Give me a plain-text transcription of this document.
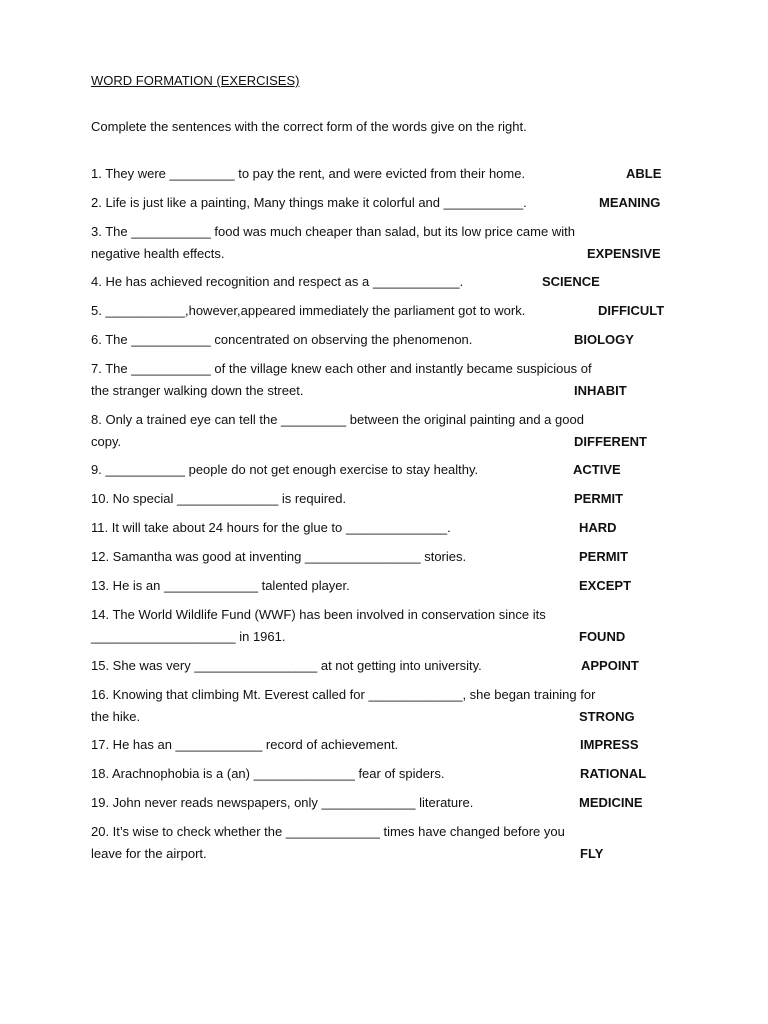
WORD FORMATION (EXERCISES)
Complete the sentences with the correct form of the words give on the right.
1. They were _________ to pay the rent, and were evicted from their home.	ABLE
2. Life is just like a painting, Many things make it colorful and ___________.	MEANING
3. The ___________ food was much cheaper than salad, but its low price came with
negative health effects.	EXPENSIVE
4. He has achieved recognition and respect as a ____________.	SCIENCE
5. ___________,however,appeared immediately the parliament got to work.	DIFFICULT
6. The ___________ concentrated on observing the phenomenon.	BIOLOGY
7. The ___________ of the village knew each other and instantly became suspicious of
the stranger walking down the street.	INHABIT
8. Only a trained eye can tell the _________ between the original painting and a good
copy.	DIFFERENT
9. ___________ people do not get enough exercise to stay healthy.	ACTIVE
10. No special ______________ is required.	PERMIT
11. It will take about 24 hours for the glue to ______________.	HARD
12. Samantha was good at inventing ________________ stories.	PERMIT
13. He is an _____________ talented player.	EXCEPT
14. The World Wildlife Fund (WWF) has been involved in conservation since its
____________________ in 1961.	FOUND
15. She was very _________________ at not getting into university.	APPOINT
16. Knowing that climbing Mt. Everest called for _____________, she began training for
the hike.	STRONG
17. He has an ____________ record of achievement.	IMPRESS
18. Arachnophobia is a (an) ______________ fear of spiders.	RATIONAL
19. John never reads newspapers, only _____________ literature.	MEDICINE
20. It’s wise to check whether the _____________ times have changed before you
leave for the airport.	FLY
